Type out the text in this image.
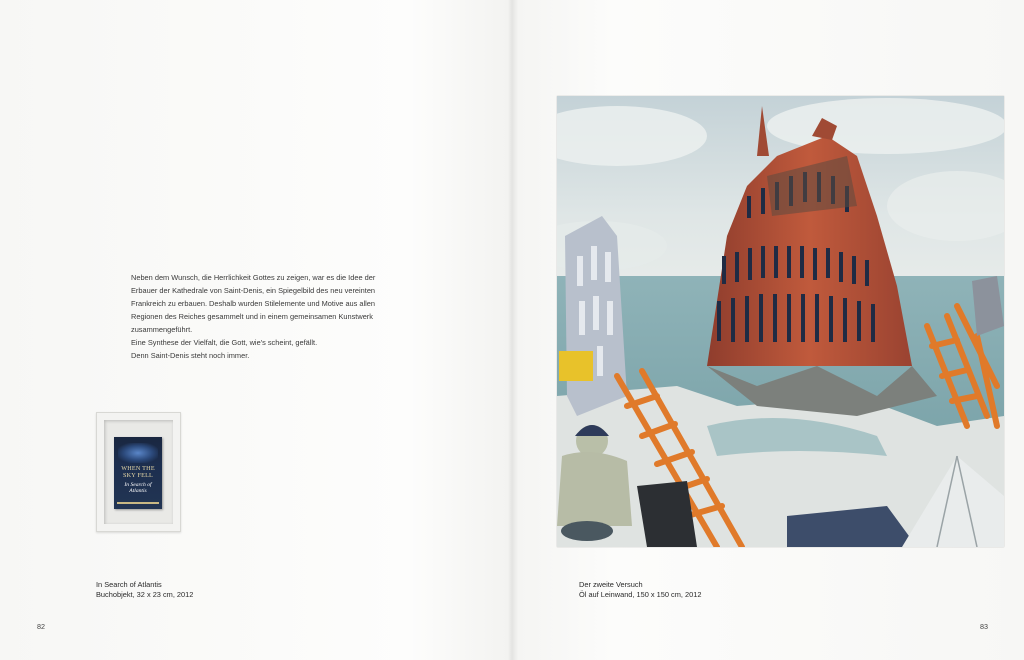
Neben dem Wunsch, die Herrlichkeit Gottes zu zeigen, war es die Idee der
Erbauer der Kathedrale von Saint-Denis, ein Spiegelbild des neu vereinten
Frankreich zu erbauen. Deshalb wurden Stilelemente und Motive aus allen
Regionen des Reiches gesammelt und in einem gemeinsamen Kunstwerk
zusammengeführt.
Eine Synthese der Vielfalt, die Gott, wie's scheint, gefällt.
Denn Saint-Denis steht noch immer.
WHEN THE
SKY FELL
In Search of
Atlantis
In Search of Atlantis
Buchobjekt, 32 x 23 cm, 2012
82
Der zweite Versuch
Öl auf Leinwand, 150 x 150 cm, 2012
83
